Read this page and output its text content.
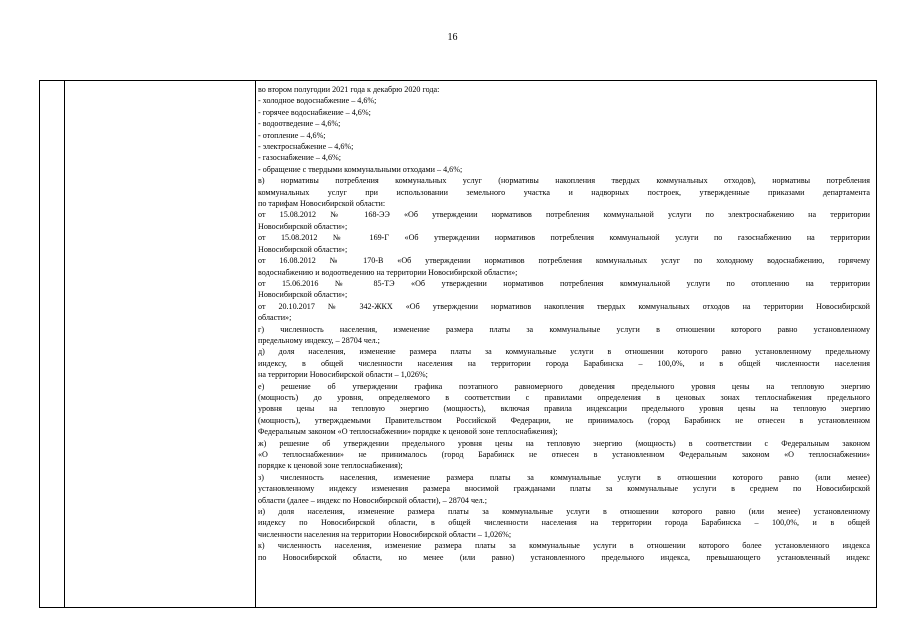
16
во втором полугодии 2021 года к декабрю 2020 года:
- холодное водоснабжение – 4,6%;
- горячее водоснабжение – 4,6%;
- водоотведение – 4,6%;
- отопление – 4,6%;
- электроснабжение – 4,6%;
- газоснабжение – 4,6%;
- обращение с твердыми коммунальными отходами – 4,6%;
в) нормативы потребления коммунальных услуг (нормативы накопления твердых коммунальных отходов), нормативы потребления
коммунальных услуг при использовании земельного участка и надворных построек, утвержденные приказами департамента
по тарифам Новосибирской области:
от 15.08.2012 № 168-ЭЭ «Об утверждении нормативов потребления коммунальной услуги по электроснабжению на территории
Новосибирской области»;
от 15.08.2012 № 169-Г «Об утверждении нормативов потребления коммунальной услуги по газоснабжению на территории
Новосибирской области»;
от 16.08.2012 № 170-В «Об утверждении нормативов потребления коммунальных услуг по холодному водоснабжению, горячему
водоснабжению и водоотведению на территории Новосибирской области»;
от 15.06.2016 № 85-ТЭ «Об утверждении нормативов потребления коммунальной услуги по отоплению на территории
Новосибирской области»;
от 20.10.2017 № 342-ЖКХ «Об утверждении нормативов накопления твердых коммунальных отходов на территории Новосибирской
области»;
г) численность населения, изменение размера платы за коммунальные услуги в отношении которого равно установленному
предельному индексу, – 28704 чел.;
д) доля населения, изменение размера платы за коммунальные услуги в отношении которого равно установленному предельному
индексу, в общей численности населения на территории города Барабинска – 100,0%, и в общей численности населения
на территории Новосибирской области – 1,026%;
е) решение об утверждении графика поэтапного равномерного доведения предельного уровня цены на тепловую энергию
(мощность) до уровня, определяемого в соответствии с правилами определения в ценовых зонах теплоснабжения предельного
уровня цены на тепловую энергию (мощность), включая правила индексации предельного уровня цены на тепловую энергию
(мощность), утверждаемыми Правительством Российской Федерации, не принималось (город Барабинск не отнесен в установленном
Федеральным законом «О теплоснабжении» порядке к ценовой зоне теплоснабжения);
ж) решение об утверждении предельного уровня цены на тепловую энергию (мощность) в соответствии с Федеральным законом
«О теплоснабжении» не принималось (город Барабинск не отнесен в установленном Федеральным законом «О теплоснабжении»
порядке к ценовой зоне теплоснабжения);
з) численность населения, изменение размера платы за коммунальные услуги в отношении которого равно (или менее)
установленному индексу изменения размера вносимой гражданами платы за коммунальные услуги в среднем по Новосибирской
области (далее – индекс по Новосибирской области), – 28704 чел.;
и) доля населения, изменение размера платы за коммунальные услуги в отношении которого равно (или менее) установленному
индексу по Новосибирской области, в общей численности населения на территории города Барабинска – 100,0%, и в общей
численности населения на территории Новосибирской области – 1,026%;
к) численность населения, изменение размера платы за коммунальные услуги в отношении которого более установленного индекса
по Новосибирской области, но менее (или равно) установленного предельного индекса, превышающего установленный индекс
